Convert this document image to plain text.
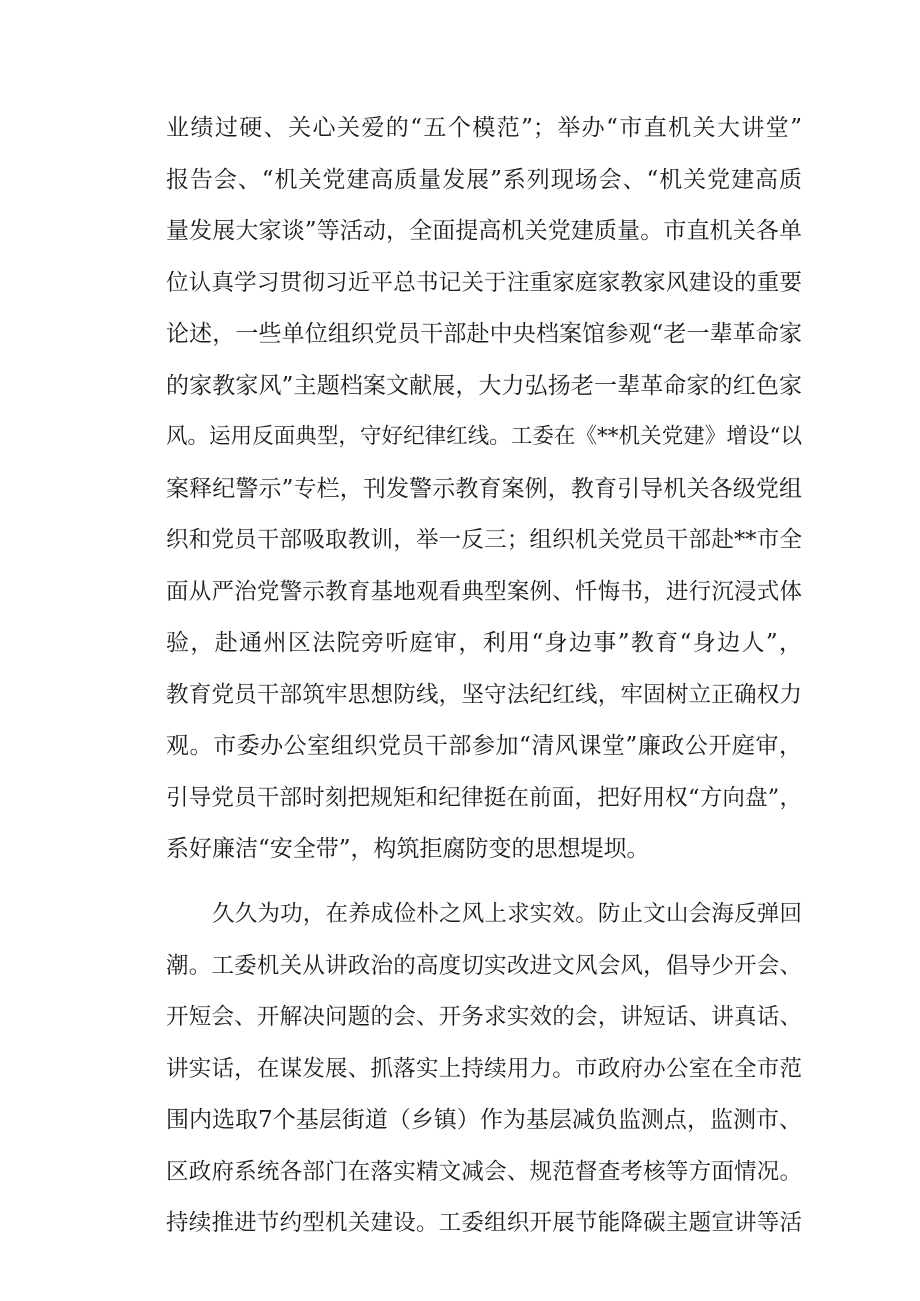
业绩过硬、关心关爱的“五个模范”；举办“市直机关大讲堂”
报告会、“机关党建高质量发展”系列现场会、“机关党建高质
量发展大家谈”等活动，全面提高机关党建质量。市直机关各单
位认真学习贯彻习近平总书记关于注重家庭家教家风建设的重要
论述，一些单位组织党员干部赴中央档案馆参观“老一辈革命家
的家教家风”主题档案文献展，大力弘扬老一辈革命家的红色家
风。运用反面典型，守好纪律红线。工委在《**机关党建》增设“以
案释纪警示”专栏，刊发警示教育案例，教育引导机关各级党组
织和党员干部吸取教训，举一反三；组织机关党员干部赴**市全
面从严治党警示教育基地观看典型案例、忏悔书，进行沉浸式体
验，赴通州区法院旁听庭审，利用“身边事”教育“身边人”，
教育党员干部筑牢思想防线，坚守法纪红线，牢固树立正确权力
观。市委办公室组织党员干部参加“清风课堂”廉政公开庭审，
引导党员干部时刻把规矩和纪律挺在前面，把好用权“方向盘”，
系好廉洁“安全带”，构筑拒腐防变的思想堤坝。
久久为功，在养成俭朴之风上求实效。防止文山会海反弹回
潮。工委机关从讲政治的高度切实改进文风会风，倡导少开会、
开短会、开解决问题的会、开务求实效的会，讲短话、讲真话、
讲实话，在谋发展、抓落实上持续用力。市政府办公室在全市范
围内选取7个基层街道（乡镇）作为基层减负监测点，监测市、
区政府系统各部门在落实精文减会、规范督查考核等方面情况。
持续推进节约型机关建设。工委组织开展节能降碳主题宣讲等活
